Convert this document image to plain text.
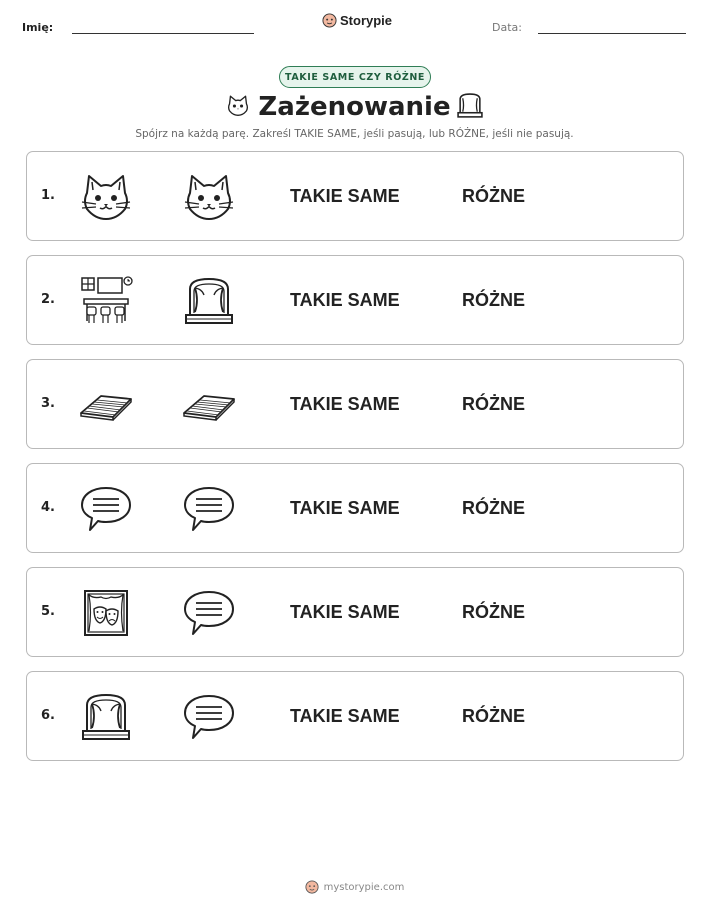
Imię:	Storypie	Data:
TAKIE SAME CZY RÓŻNE
Zażenowanie
Spójrz na każdą parę. Zakreśl TAKIE SAME, jeśli pasują, lub RÓŻNE, jeśli nie pasują.
1.	TAKIE SAME	RÓŻNE
2.	TAKIE SAME	RÓŻNE
3.	TAKIE SAME	RÓŻNE
4.	TAKIE SAME	RÓŻNE
5.	TAKIE SAME	RÓŻNE
6.	TAKIE SAME	RÓŻNE
mystorypie.com
